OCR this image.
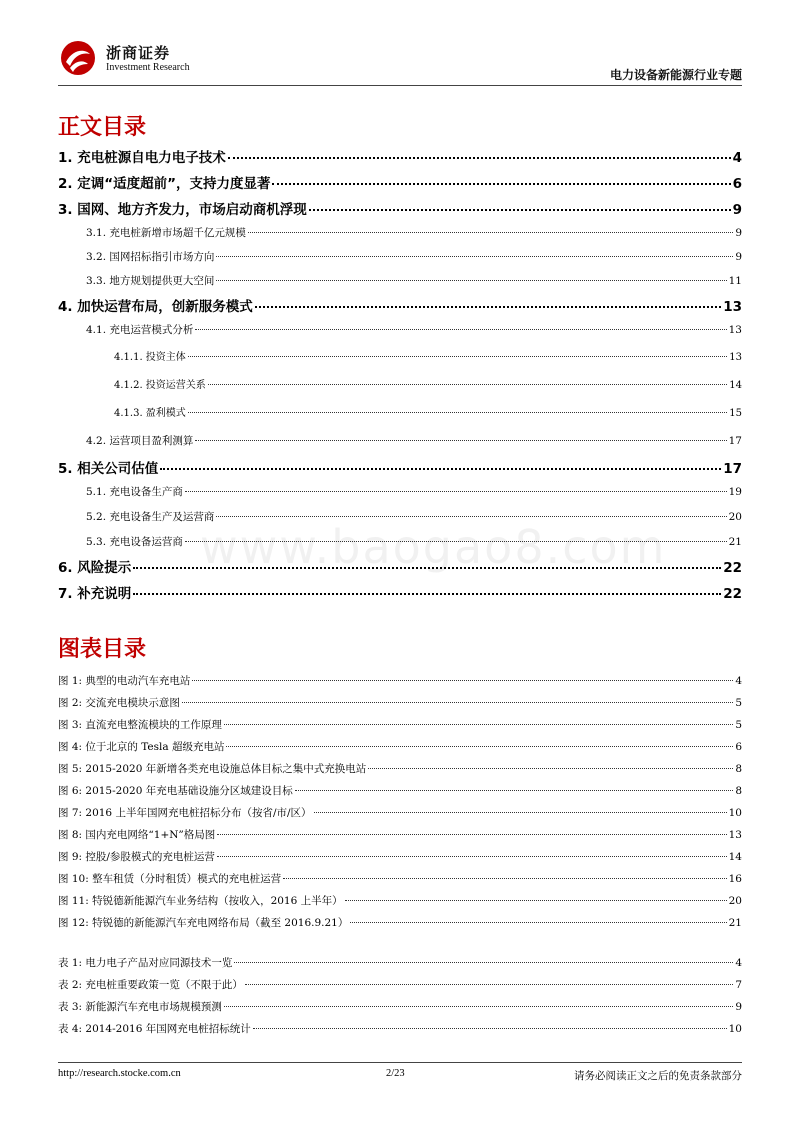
浙商证券
Investment Research
电力设备新能源行业专题
www.baogao8.com
正文目录
1. 充电桩源自电力电子技术	4
2. 定调“适度超前”，支持力度显著	6
3. 国网、地方齐发力，市场启动商机浮现	9
3.1. 充电桩新增市场超千亿元规模	9
3.2. 国网招标指引市场方向	9
3.3. 地方规划提供更大空间	11
4. 加快运营布局，创新服务模式	13
4.1. 充电运营模式分析	13
4.1.1. 投资主体	13
4.1.2. 投资运营关系	14
4.1.3. 盈利模式	15
4.2. 运营项目盈利测算	17
5. 相关公司估值	17
5.1. 充电设备生产商	19
5.2. 充电设备生产及运营商	20
5.3. 充电设备运营商	21
6. 风险提示	22
7. 补充说明	22
图表目录
图 1: 典型的电动汽车充电站	4
图 2: 交流充电模块示意图	5
图 3: 直流充电整流模块的工作原理	5
图 4: 位于北京的 Tesla 超级充电站	6
图 5: 2015-2020 年新增各类充电设施总体目标之集中式充换电站	8
图 6: 2015-2020 年充电基础设施分区域建设目标	8
图 7: 2016 上半年国网充电桩招标分布（按省/市/区）	10
图 8: 国内充电网络“1+N”格局图	13
图 9: 控股/参股模式的充电桩运营	14
图 10: 整车租赁（分时租赁）模式的充电桩运营	16
图 11: 特锐德新能源汽车业务结构（按收入，2016 上半年）	20
图 12: 特锐德的新能源汽车充电网络布局（截至 2016.9.21）	21
表 1: 电力电子产品对应同源技术一览	4
表 2: 充电桩重要政策一览（不限于此）	7
表 3: 新能源汽车充电市场规模预测	9
表 4: 2014-2016 年国网充电桩招标统计	10
http://research.stocke.com.cn	2/23	请务必阅读正文之后的免责条款部分
